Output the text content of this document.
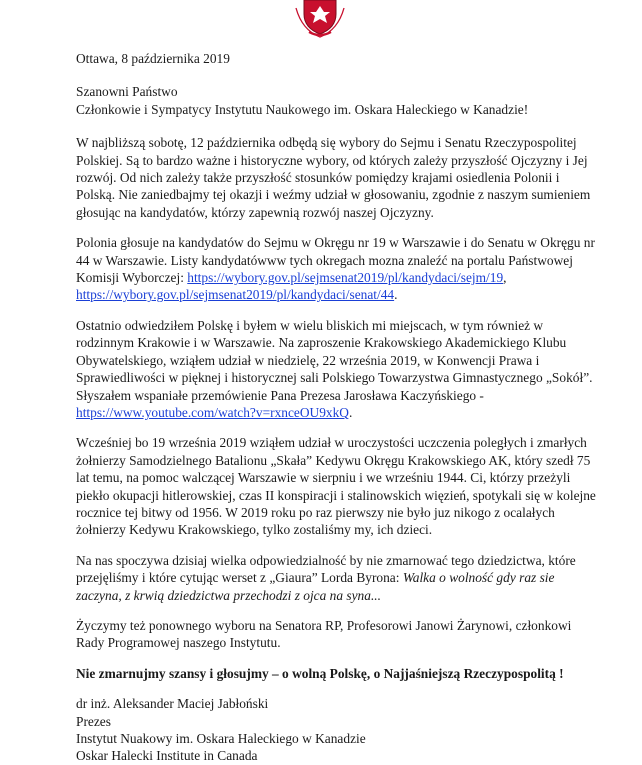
Ottawa, 8 października 2019

Szanowni Państwo

Członkowie i Sympatycy Instytutu Naukowego im. Oskara Haleckiego w Kanadzie!

W najbliższą sobotę, 12 października odbędą się wybory do Sejmu i Senatu Rzeczypospolitej Polskiej. Są to bardzo ważne i historyczne wybory, od których zależy przyszłość Ojczyzny i Jej rozwój. Od nich zależy także przyszłość stosunków pomiędzy krajami osiedlenia Polonii i Polską. Nie zaniedbajmy tej okazji i weźmy udział w głosowaniu, zgodnie z naszym sumieniem głosując na kandydatów, którzy zapewnią rozwój naszej Ojczyzny.

Polonia głosuje na kandydatów do Sejmu w Okręgu nr 19 w Warszawie i do Senatu w Okręgu nr 44 w Warszawie. Listy kandydatówww tych okregach mozna znaleźć na portalu Państwowej Komisji Wyborczej: https://wybory.gov.pl/sejmsenat2019/pl/kandydaci/sejm/19, https://wybory.gov.pl/sejmsenat2019/pl/kandydaci/senat/44.

Ostatnio odwiedziłem Polskę i byłem w wielu bliskich mi miejscach, w tym również w rodzinnym Krakowie i w Warszawie. Na zaproszenie Krakowskiego Akademickiego Klubu Obywatelskiego, wziąłem udział w niedzielę, 22 września 2019, w Konwencji Prawa i Sprawiedliwości w pięknej i historycznej sali Polskiego Towarzystwa Gimnastycznego „Sokół”. Słyszałem wspaniałe przemówienie Pana Prezesa Jarosława Kaczyńskiego - https://www.youtube.com/watch?v=rxnceOU9xkQ.

Wcześniej bo 19 września 2019 wziąłem udział w uroczystości uczczenia poległych i zmarłych żołnierzy Samodzielnego Batalionu „Skała” Kedywu Okręgu Krakowskiego AK, który szedł 75 lat temu, na pomoc walczącej Warszawie w sierpniu i we wrześniu 1944. Ci, którzy przeżyli piekło okupacji hitlerowskiej, czas II konspiracji i stalinowskich więzień, spotykali się w kolejne rocznice tej bitwy od 1956. W 2019 roku po raz pierwszy nie było juz nikogo z ocalałych żołnierzy Kedywu Krakowskiego, tylko zostaliśmy my, ich dzieci.

Na nas spoczywa dzisiaj wielka odpowiedzialność by nie zmarnować tego dziedzictwa, które przejęliśmy i które cytując werset z „Giaura” Lorda Byrona: Walka o wolność gdy raz sie zaczyna, z krwią dziedzictwa przechodzi z ojca na syna...

Życzymy też ponownego wyboru na Senatora RP, Profesorowi Janowi Żarynowi, członkowi Rady Programowej naszego Instytutu.

Nie zmarnujmy szansy i głosujmy – o wolną Polskę, o Najjaśniejszą Rzeczypospolitą !

dr inż. Aleksander Maciej Jabłoński

Prezes

Instytut Nuakowy im. Oskara Haleckiego w Kanadzie

Oskar Halecki Institute in Canada
